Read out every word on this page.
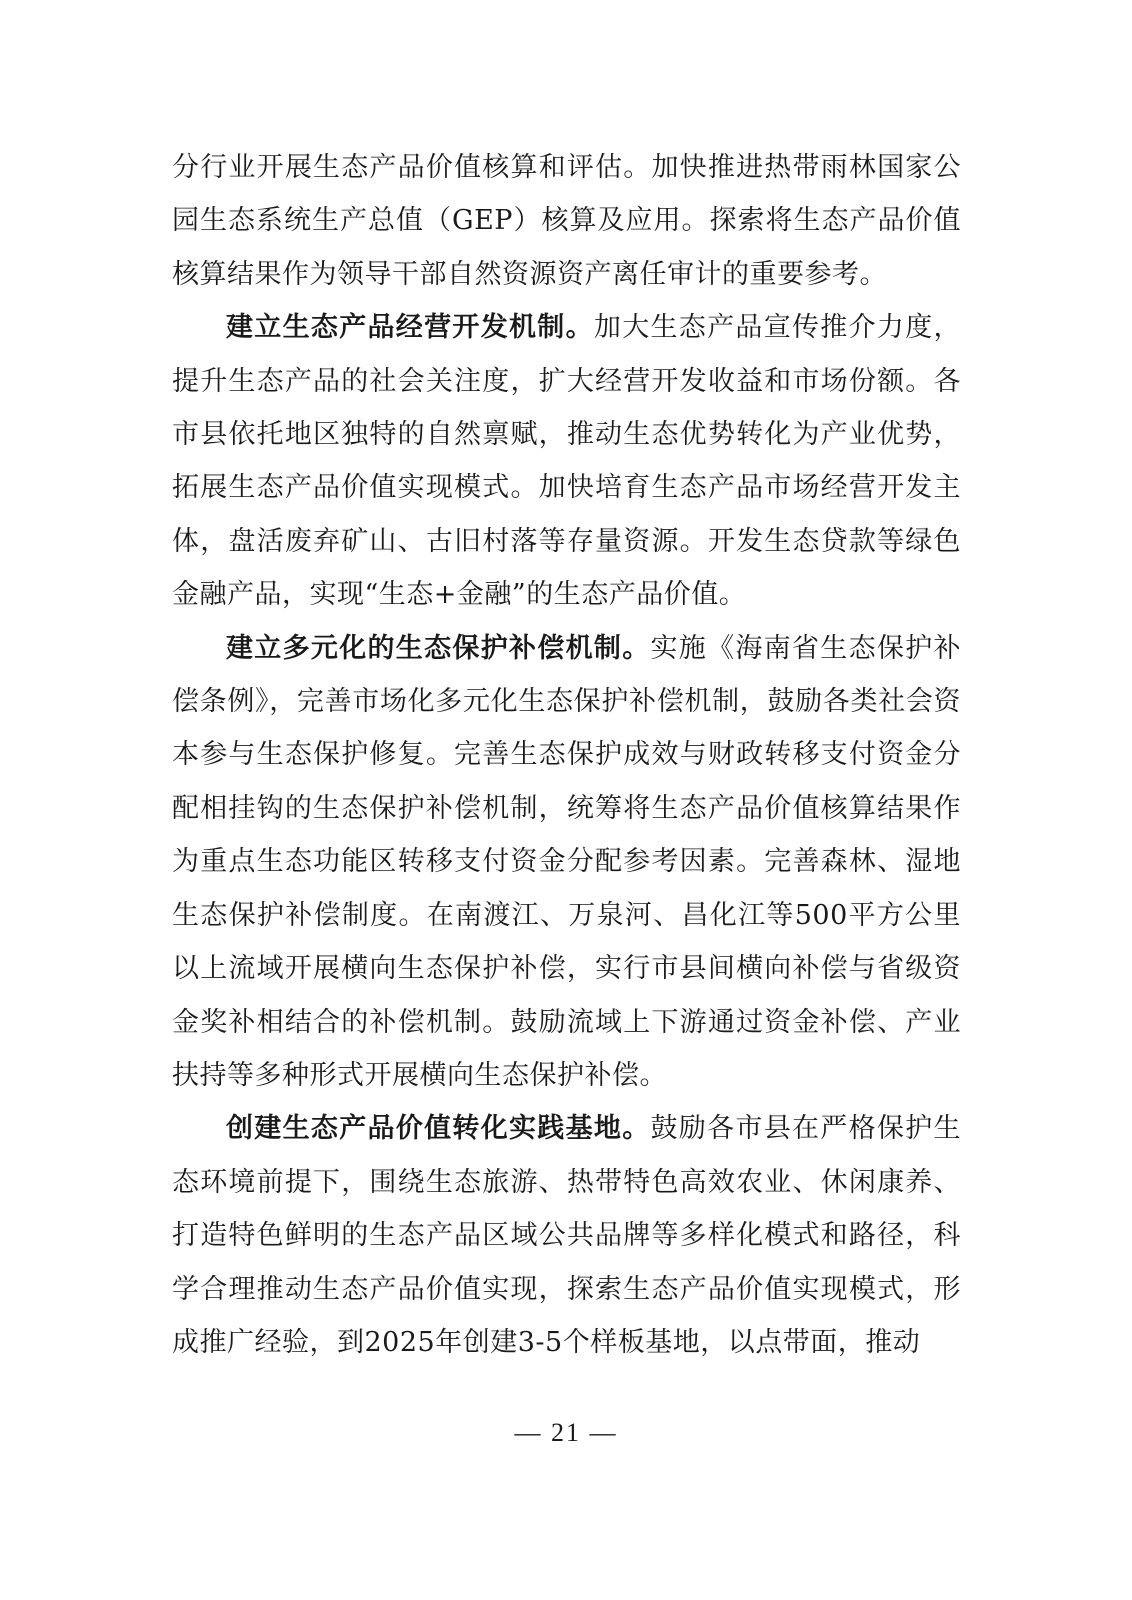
分行业开展生态产品价值核算和评估。加快推进热带雨林国家公园生态系统生产总值（GEP）核算及应用。探索将生态产品价值核算结果作为领导干部自然资源资产离任审计的重要参考。

建立生态产品经营开发机制。加大生态产品宣传推介力度，提升生态产品的社会关注度，扩大经营开发收益和市场份额。各市县依托地区独特的自然禀赋，推动生态优势转化为产业优势，拓展生态产品价值实现模式。加快培育生态产品市场经营开发主体，盘活废弃矿山、古旧村落等存量资源。开发生态贷款等绿色金融产品，实现“生态+金融”的生态产品价值。

建立多元化的生态保护补偿机制。实施《海南省生态保护补偿条例》，完善市场化多元化生态保护补偿机制，鼓励各类社会资本参与生态保护修复。完善生态保护成效与财政转移支付资金分配相挂钩的生态保护补偿机制，统筹将生态产品价值核算结果作为重点生态功能区转移支付资金分配参考因素。完善森林、湿地生态保护补偿制度。在南渡江、万泉河、昌化江等500平方公里以上流域开展横向生态保护补偿，实行市县间横向补偿与省级资金奖补相结合的补偿机制。鼓励流域上下游通过资金补偿、产业扶持等多种形式开展横向生态保护补偿。

创建生态产品价值转化实践基地。鼓励各市县在严格保护生态环境前提下，围绕生态旅游、热带特色高效农业、休闲康养、打造特色鲜明的生态产品区域公共品牌等多样化模式和路径，科学合理推动生态产品价值实现，探索生态产品价值实现模式，形成推广经验，到2025年创建3-5个样板基地，以点带面，推动

— 21 —
